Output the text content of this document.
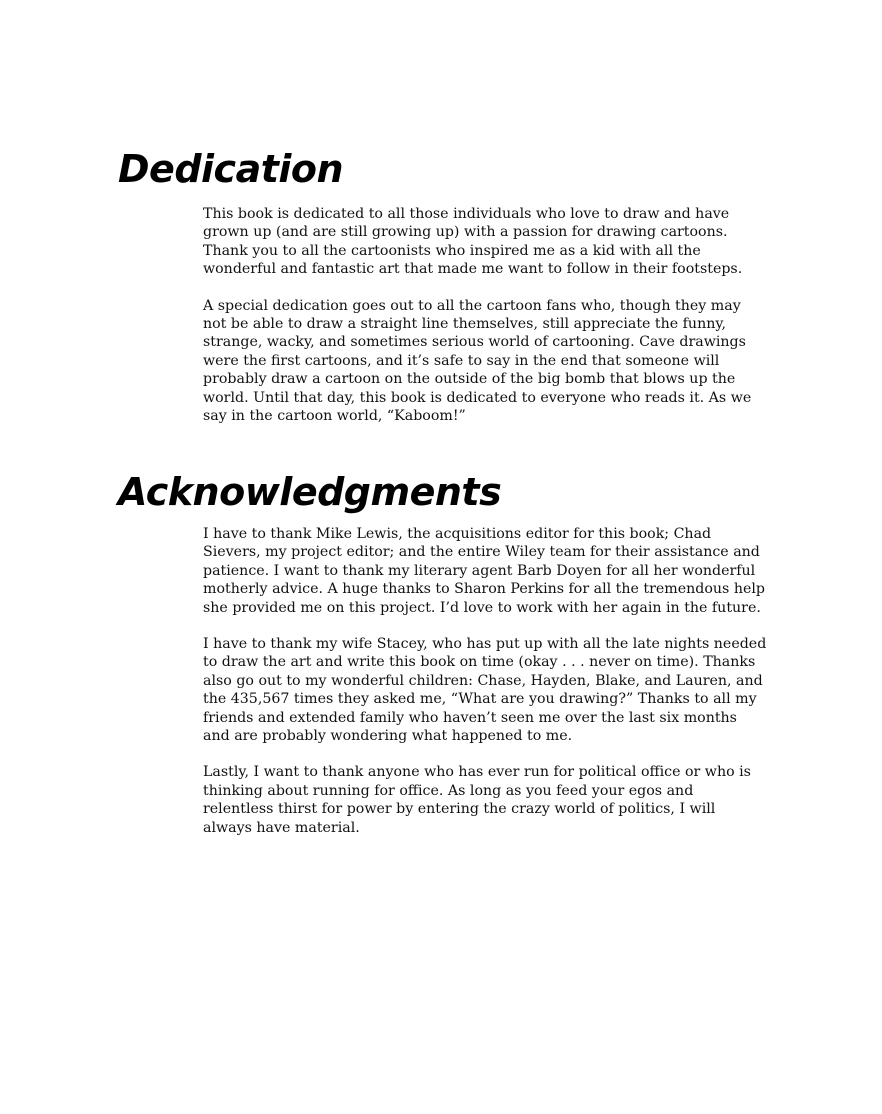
Dedication

This book is dedicated to all those individuals who love to draw and have grown up (and are still growing up) with a passion for drawing cartoons. Thank you to all the cartoonists who inspired me as a kid with all the wonderful and fantastic art that made me want to follow in their footsteps.

A special dedication goes out to all the cartoon fans who, though they may not be able to draw a straight line themselves, still appreciate the funny, strange, wacky, and sometimes serious world of cartooning. Cave drawings were the first cartoons, and it’s safe to say in the end that someone will probably draw a cartoon on the outside of the big bomb that blows up the world. Until that day, this book is dedicated to everyone who reads it. As we say in the cartoon world, “Kaboom!”

Acknowledgments

I have to thank Mike Lewis, the acquisitions editor for this book; Chad Sievers, my project editor; and the entire Wiley team for their assistance and patience. I want to thank my literary agent Barb Doyen for all her wonderful motherly advice. A huge thanks to Sharon Perkins for all the tremendous help she provided me on this project. I’d love to work with her again in the future.

I have to thank my wife Stacey, who has put up with all the late nights needed to draw the art and write this book on time (okay . . . never on time). Thanks also go out to my wonderful children: Chase, Hayden, Blake, and Lauren, and the 435,567 times they asked me, “What are you drawing?” Thanks to all my friends and extended family who haven’t seen me over the last six months and are probably wondering what happened to me.

Lastly, I want to thank anyone who has ever run for political office or who is thinking about running for office. As long as you feed your egos and relentless thirst for power by entering the crazy world of politics, I will always have material.
